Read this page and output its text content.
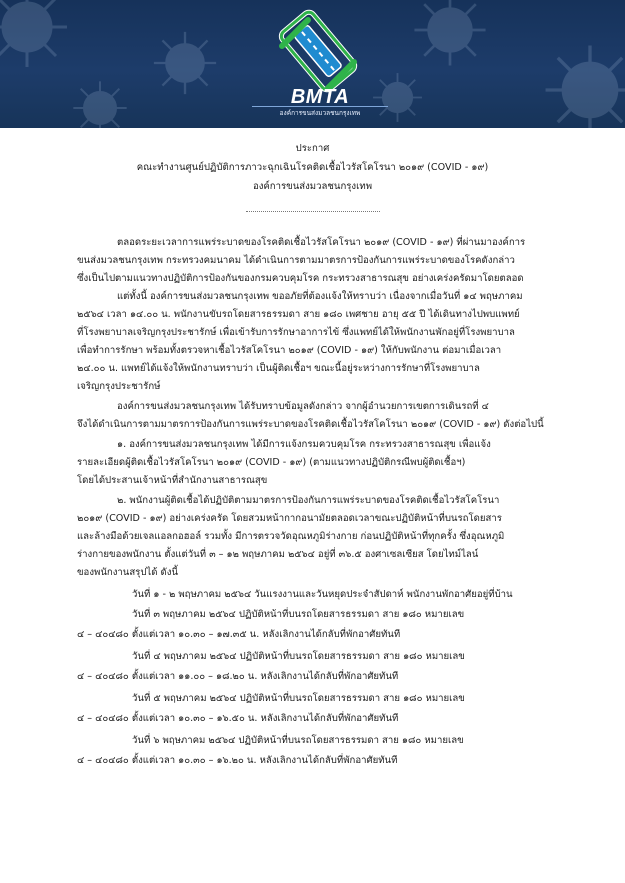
BMTA
องค์การขนส่งมวลชนกรุงเทพ
ประกาศ
คณะทำงานศูนย์ปฏิบัติการภาวะฉุกเฉินโรคติดเชื้อไวรัสโคโรนา ๒๐๑๙ (COVID - ๑๙)
องค์การขนส่งมวลชนกรุงเทพ
ตลอดระยะเวลาการแพร่ระบาดของโรคติดเชื้อไวรัสโคโรนา ๒๐๑๙ (COVID - ๑๙) ที่ผ่านมาองค์การ
ขนส่งมวลชนกรุงเทพ กระทรวงคมนาคม ได้ดำเนินการตามมาตรการป้องกันการแพร่ระบาดของโรคดังกล่าว
ซึ่งเป็นไปตามแนวทางปฏิบัติการป้องกันของกรมควบคุมโรค กระทรวงสาธารณสุข อย่างเคร่งครัดมาโดยตลอด
แต่ทั้งนี้ องค์การขนส่งมวลชนกรุงเทพ ขออภัยที่ต้องแจ้งให้ทราบว่า เนื่องจากเมื่อวันที่ ๑๔ พฤษภาคม
๒๕๖๔ เวลา ๑๔.๐๐ น. พนักงานขับรถโดยสารธรรมดา สาย ๑๘๐ เพศชาย อายุ ๕๕ ปี ได้เดินทางไปพบแพทย์
ที่โรงพยาบาลเจริญกรุงประชารักษ์ เพื่อเข้ารับการรักษาอาการไข้ ซึ่งแพทย์ได้ให้พนักงานพักอยู่ที่โรงพยาบาล
เพื่อทำการรักษา พร้อมทั้งตรวจหาเชื้อไวรัสโคโรนา ๒๐๑๙ (COVID - ๑๙) ให้กับพนักงาน ต่อมาเมื่อเวลา
๒๔.๐๐ น. แพทย์ได้แจ้งให้พนักงานทราบว่า เป็นผู้ติดเชื้อฯ ขณะนี้อยู่ระหว่างการรักษาที่โรงพยาบาล
เจริญกรุงประชารักษ์
องค์การขนส่งมวลชนกรุงเทพ ได้รับทราบข้อมูลดังกล่าว จากผู้อำนวยการเขตการเดินรถที่ ๔
จึงได้ดำเนินการตามมาตรการป้องกันการแพร่ระบาดของโรคติดเชื้อไวรัสโคโรนา ๒๐๑๙ (COVID - ๑๙) ดังต่อไปนี้
๑. องค์การขนส่งมวลชนกรุงเทพ ได้มีการแจ้งกรมควบคุมโรค กระทรวงสาธารณสุข เพื่อแจ้ง
รายละเอียดผู้ติดเชื้อไวรัสโคโรนา ๒๐๑๙ (COVID - ๑๙) (ตามแนวทางปฏิบัติกรณีพบผู้ติดเชื้อฯ)
โดยได้ประสานเจ้าหน้าที่สำนักงานสาธารณสุข
๒. พนักงานผู้ติดเชื้อได้ปฏิบัติตามมาตรการป้องกันการแพร่ระบาดของโรคติดเชื้อไวรัสโคโรนา
๒๐๑๙ (COVID - ๑๙) อย่างเคร่งครัด โดยสวมหน้ากากอนามัยตลอดเวลาขณะปฏิบัติหน้าที่บนรถโดยสาร
และล้างมือด้วยเจลแอลกอฮอล์ รวมทั้ง มีการตรวจวัดอุณหภูมิร่างกาย ก่อนปฏิบัติหน้าที่ทุกครั้ง ซึ่งอุณหภูมิ
ร่างกายของพนักงาน ตั้งแต่วันที่ ๓ – ๑๒ พฤษภาคม ๒๕๖๔ อยู่ที่ ๓๖.๕ องศาเซลเซียส โดยไทม์ไลน์
ของพนักงานสรุปได้ ดังนี้
วันที่ ๑ - ๒ พฤษภาคม ๒๕๖๔ วันแรงงานและวันหยุดประจำสัปดาห์ พนักงานพักอาศัยอยู่ที่บ้าน
วันที่ ๓ พฤษภาคม ๒๕๖๔ ปฏิบัติหน้าที่บนรถโดยสารธรรมดา สาย ๑๘๐ หมายเลข
๔ – ๔๐๔๘๐ ตั้งแต่เวลา ๑๐.๓๐ – ๑๗.๓๕ น. หลังเลิกงานได้กลับที่พักอาศัยทันที
วันที่ ๔ พฤษภาคม ๒๕๖๔ ปฏิบัติหน้าที่บนรถโดยสารธรรมดา สาย ๑๘๐ หมายเลข
๔ – ๔๐๔๘๐ ตั้งแต่เวลา ๑๑.๐๐ – ๑๘.๒๐ น. หลังเลิกงานได้กลับที่พักอาศัยทันที
วันที่ ๕ พฤษภาคม ๒๕๖๔ ปฏิบัติหน้าที่บนรถโดยสารธรรมดา สาย ๑๘๐ หมายเลข
๔ – ๔๐๔๘๐ ตั้งแต่เวลา ๑๐.๓๐ – ๑๖.๕๐ น. หลังเลิกงานได้กลับที่พักอาศัยทันที
วันที่ ๖ พฤษภาคม ๒๕๖๔ ปฏิบัติหน้าที่บนรถโดยสารธรรมดา สาย ๑๘๐ หมายเลข
๔ – ๔๐๔๘๐ ตั้งแต่เวลา ๑๐.๓๐ – ๑๖.๒๐ น. หลังเลิกงานได้กลับที่พักอาศัยทันที
